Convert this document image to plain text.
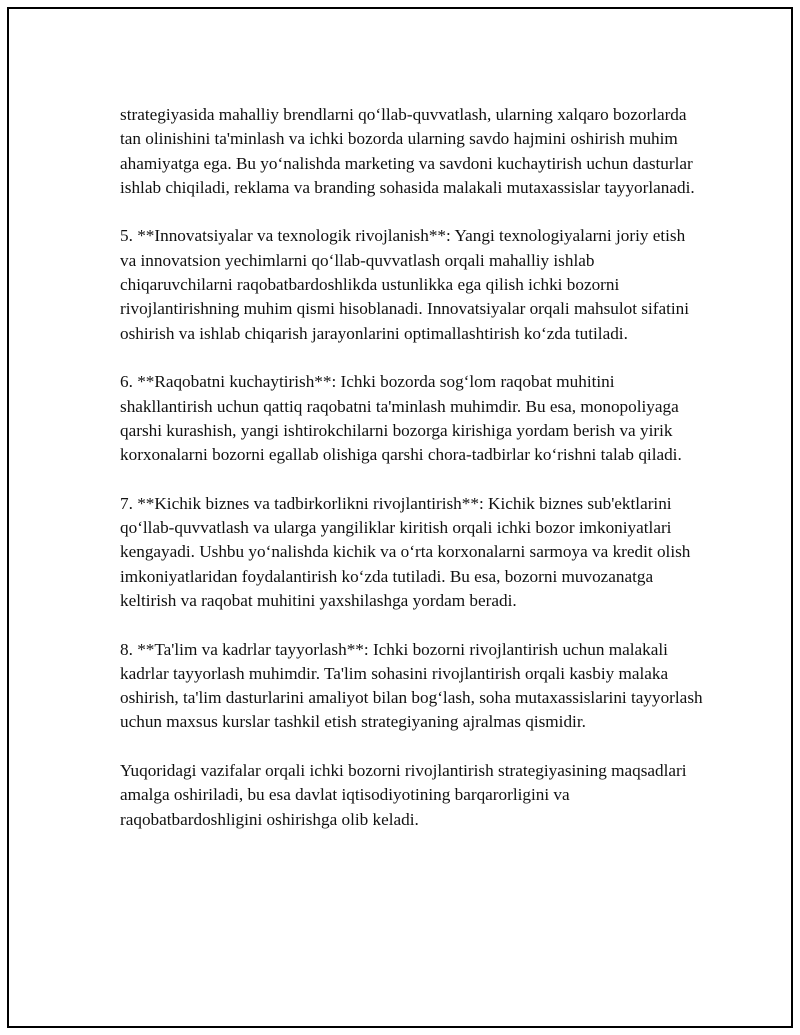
strategiyasida mahalliy brendlarni qo‘llab-quvvatlash, ularning xalqaro bozorlarda tan olinishini ta'minlash va ichki bozorda ularning savdo hajmini oshirish muhim ahamiyatga ega. Bu yo‘nalishda marketing va savdoni kuchaytirish uchun dasturlar ishlab chiqiladi, reklama va branding sohasida malakali mutaxassislar tayyorlanadi.

5. **Innovatsiyalar va texnologik rivojlanish**: Yangi texnologiyalarni joriy etish va innovatsion yechimlarni qo‘llab-quvvatlash orqali mahalliy ishlab chiqaruvchilarni raqobatbardoshlikda ustunlikka ega qilish ichki bozorni rivojlantirishning muhim qismi hisoblanadi. Innovatsiyalar orqali mahsulot sifatini oshirish va ishlab chiqarish jarayonlarini optimallashtirish ko‘zda tutiladi.

6. **Raqobatni kuchaytirish**: Ichki bozorda sog‘lom raqobat muhitini shakllantirish uchun qattiq raqobatni ta'minlash muhimdir. Bu esa, monopoliyaga qarshi kurashish, yangi ishtirokchilarni bozorga kirishiga yordam berish va yirik korxonalarni bozorni egallab olishiga qarshi chora-tadbirlar ko‘rishni talab qiladi.

7. **Kichik biznes va tadbirkorlikni rivojlantirish**: Kichik biznes sub'ektlarini qo‘llab-quvvatlash va ularga yangiliklar kiritish orqali ichki bozor imkoniyatlari kengayadi. Ushbu yo‘nalishda kichik va o‘rta korxonalarni sarmoya va kredit olish imkoniyatlaridan foydalantirish ko‘zda tutiladi. Bu esa, bozorni muvozanatga keltirish va raqobat muhitini yaxshilashga yordam beradi.

8. **Ta'lim va kadrlar tayyorlash**: Ichki bozorni rivojlantirish uchun malakali kadrlar tayyorlash muhimdir. Ta'lim sohasini rivojlantirish orqali kasbiy malaka oshirish, ta'lim dasturlarini amaliyot bilan bog‘lash, soha mutaxassislarini tayyorlash uchun maxsus kurslar tashkil etish strategiyaning ajralmas qismidir.

Yuqoridagi vazifalar orqali ichki bozorni rivojlantirish strategiyasining maqsadlari amalga oshiriladi, bu esa davlat iqtisodiyotining barqarorligini va raqobatbardoshligini oshirishga olib keladi.
